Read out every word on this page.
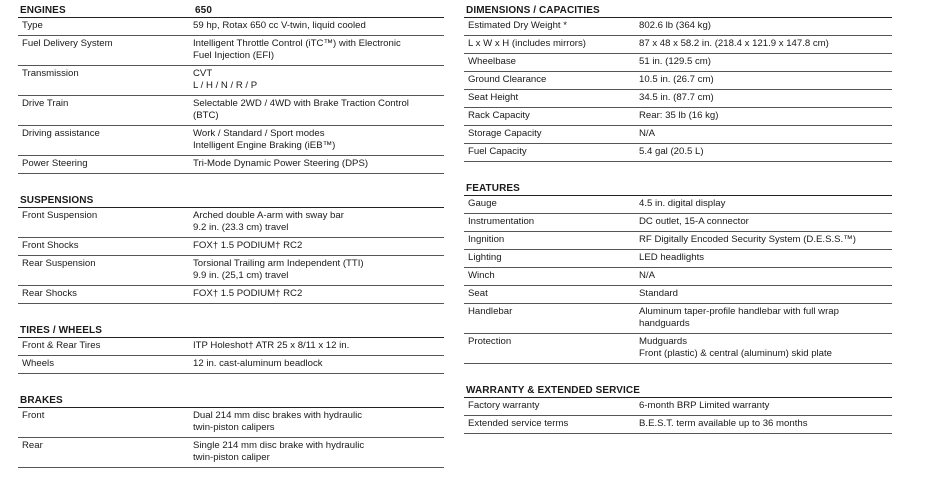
ENGINES	650
Type	59 hp, Rotax 650 cc V-twin, liquid cooled
Fuel Delivery System	Intelligent Throttle Control (iTC™) with Electronic
Fuel Injection (EFI)
Transmission	CVT
L / H / N / R / P
Drive Train	Selectable 2WD / 4WD with Brake Traction Control
(BTC)
Driving assistance	Work / Standard / Sport modes
Intelligent Engine Braking (iEB™)
Power Steering	Tri-Mode Dynamic Power Steering (DPS)
SUSPENSIONS
Front Suspension	Arched double A-arm with sway bar
9.2 in. (23.3 cm) travel
Front Shocks	FOX† 1.5 PODIUM† RC2
Rear Suspension	Torsional Trailing arm Independent (TTI)
9.9 in. (25,1 cm) travel
Rear Shocks	FOX† 1.5 PODIUM† RC2
TIRES / WHEELS
Front & Rear Tires	ITP Holeshot† ATR 25 x 8/11 x 12 in.
Wheels	12 in. cast-aluminum beadlock
BRAKES
Front	Dual 214 mm disc brakes with hydraulic
twin-piston calipers
Rear	Single 214 mm disc brake with hydraulic
twin-piston caliper
DIMENSIONS / CAPACITIES
Estimated Dry Weight *	802.6 lb (364 kg)
L x W x H (includes mirrors)	87 x 48 x 58.2 in. (218.4 x 121.9 x 147.8 cm)
Wheelbase	51 in. (129.5 cm)
Ground Clearance	10.5 in. (26.7 cm)
Seat Height	34.5 in. (87.7 cm)
Rack Capacity	Rear: 35 lb (16 kg)
Storage Capacity	N/A
Fuel Capacity	5.4 gal (20.5 L)
FEATURES
Gauge	4.5 in. digital display
Instrumentation	DC outlet, 15-A connector
Ingnition	RF Digitally Encoded Security System (D.E.S.S.™)
Lighting	LED headlights
Winch	N/A
Seat	Standard
Handlebar	Aluminum taper-profile handlebar with full wrap
handguards
Protection	Mudguards
Front (plastic) & central (aluminum) skid plate
WARRANTY & EXTENDED SERVICE
Factory warranty	6-month BRP Limited warranty
Extended service terms	B.E.S.T. term available up to 36 months
